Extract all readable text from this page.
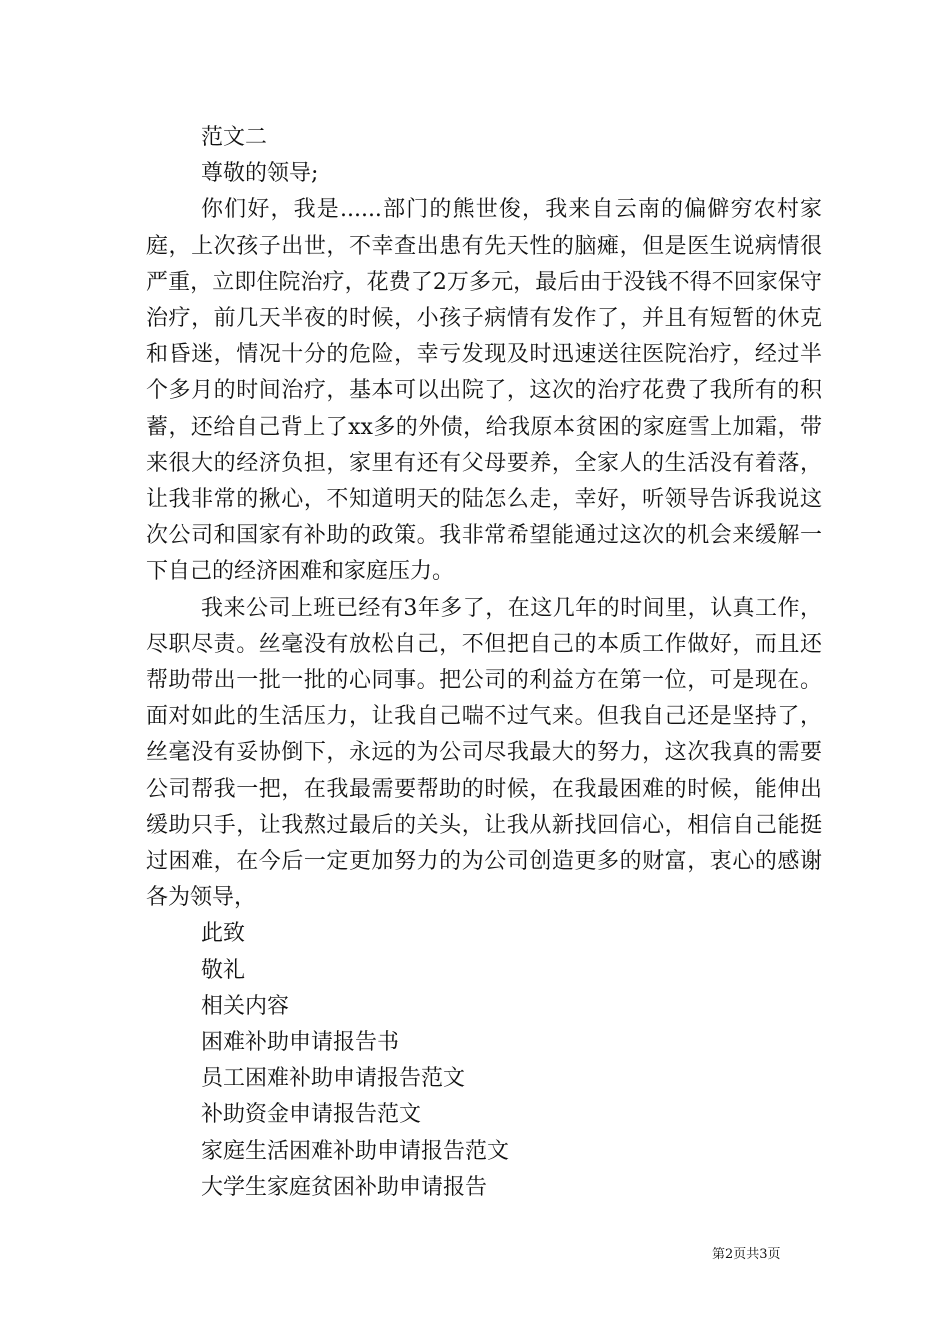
范文二

尊敬的领导;

你们好，我是......部门的熊世俊，我来自云南的偏僻穷农村家庭，上次孩子出世，不幸查出患有先天性的脑瘫，但是医生说病情很严重，立即住院治疗，花费了2万多元，最后由于没钱不得不回家保守治疗，前几天半夜的时候，小孩子病情有发作了，并且有短暂的休克和昏迷，情况十分的危险，幸亏发现及时迅速送往医院治疗，经过半个多月的时间治疗，基本可以出院了，这次的治疗花费了我所有的积蓄，还给自己背上了xx多的外债，给我原本贫困的家庭雪上加霜，带来很大的经济负担，家里有还有父母要养，全家人的生活没有着落，让我非常的揪心，不知道明天的陆怎么走，幸好，听领导告诉我说这次公司和国家有补助的政策。我非常希望能通过这次的机会来缓解一下自己的经济困难和家庭压力。

我来公司上班已经有3年多了，在这几年的时间里，认真工作，尽职尽责。丝毫没有放松自己，不但把自己的本质工作做好，而且还帮助带出一批一批的心同事。把公司的利益方在第一位，可是现在。面对如此的生活压力，让我自己喘不过气来。但我自己还是坚持了，丝毫没有妥协倒下，永远的为公司尽我最大的努力，这次我真的需要公司帮我一把，在我最需要帮助的时候，在我最困难的时候，能伸出缓助只手，让我熬过最后的关头，让我从新找回信心，相信自己能挺过困难，在今后一定更加努力的为公司创造更多的财富，衷心的感谢各为领导，

此致

敬礼

相关内容

困难补助申请报告书

员工困难补助申请报告范文

补助资金申请报告范文

家庭生活困难补助申请报告范文

大学生家庭贫困补助申请报告

第2页共3页
